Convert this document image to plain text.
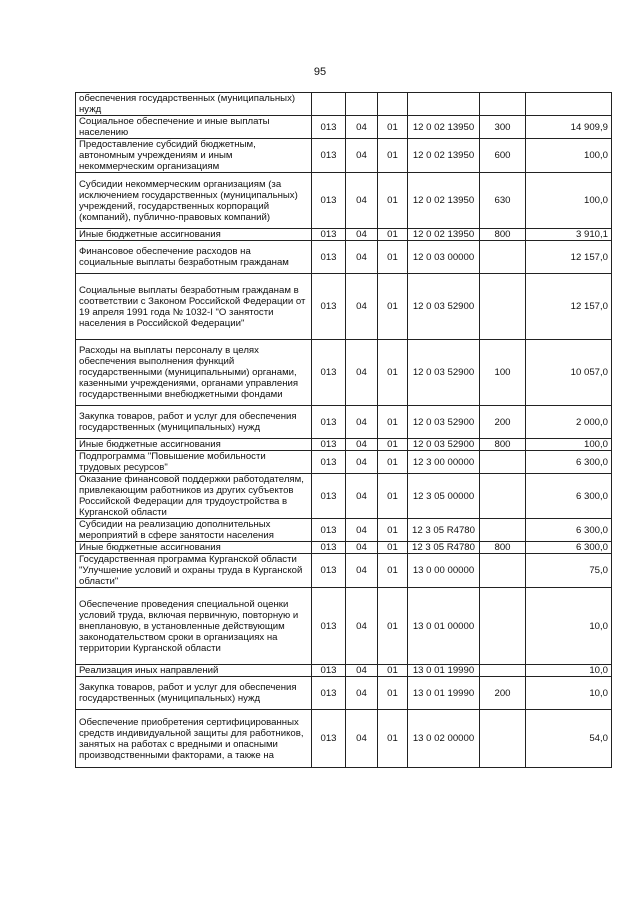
95
обеспечения государственных (муниципальных) нужд						
Социальное обеспечение и иные выплаты населению	013	04	01	12 0 02 13950	300	14 909,9
Предоставление субсидий бюджетным, автономным учреждениям и иным некоммерческим организациям	013	04	01	12 0 02 13950	600	100,0
Субсидии некоммерческим организациям (за исключением государственных (муниципальных) учреждений, государственных корпораций (компаний), публично-правовых компаний)	013	04	01	12 0 02 13950	630	100,0
Иные бюджетные ассигнования	013	04	01	12 0 02 13950	800	3 910,1
Финансовое обеспечение расходов на социальные выплаты безработным гражданам	013	04	01	12 0 03 00000		12 157,0
Социальные выплаты безработным гражданам в соответствии с Законом Российской Федерации от 19 апреля 1991 года № 1032-I "О занятости населения в Российской Федерации"	013	04	01	12 0 03 52900		12 157,0
Расходы на выплаты персоналу в целях обеспечения выполнения функций государственными (муниципальными) органами, казенными учреждениями, органами управления государственными внебюджетными фондами	013	04	01	12 0 03 52900	100	10 057,0
Закупка товаров, работ и услуг для обеспечения государственных (муниципальных) нужд	013	04	01	12 0 03 52900	200	2 000,0
Иные бюджетные ассигнования	013	04	01	12 0 03 52900	800	100,0
Подпрограмма "Повышение мобильности трудовых ресурсов"	013	04	01	12 3 00 00000		6 300,0
Оказание финансовой поддержки работодателям, привлекающим работников из других субъектов Российской Федерации для трудоустройства в Курганской области	013	04	01	12 3 05 00000		6 300,0
Субсидии на реализацию дополнительных мероприятий в сфере занятости населения	013	04	01	12 3 05 R4780		6 300,0
Иные бюджетные ассигнования	013	04	01	12 3 05 R4780	800	6 300,0
Государственная программа Курганской области "Улучшение условий и охраны труда в Курганской области"	013	04	01	13 0 00 00000		75,0
Обеспечение проведения специальной оценки условий труда, включая первичную, повторную и внеплановую, в установленные действующим законодательством сроки в организациях на территории Курганской области	013	04	01	13 0 01 00000		10,0
Реализация иных направлений	013	04	01	13 0 01 19990		10,0
Закупка товаров, работ и услуг для обеспечения государственных (муниципальных) нужд	013	04	01	13 0 01 19990	200	10,0
Обеспечение приобретения сертифицированных средств индивидуальной защиты для работников, занятых на работах с вредными и опасными производственными факторами, а также на	013	04	01	13 0 02 00000		54,0
